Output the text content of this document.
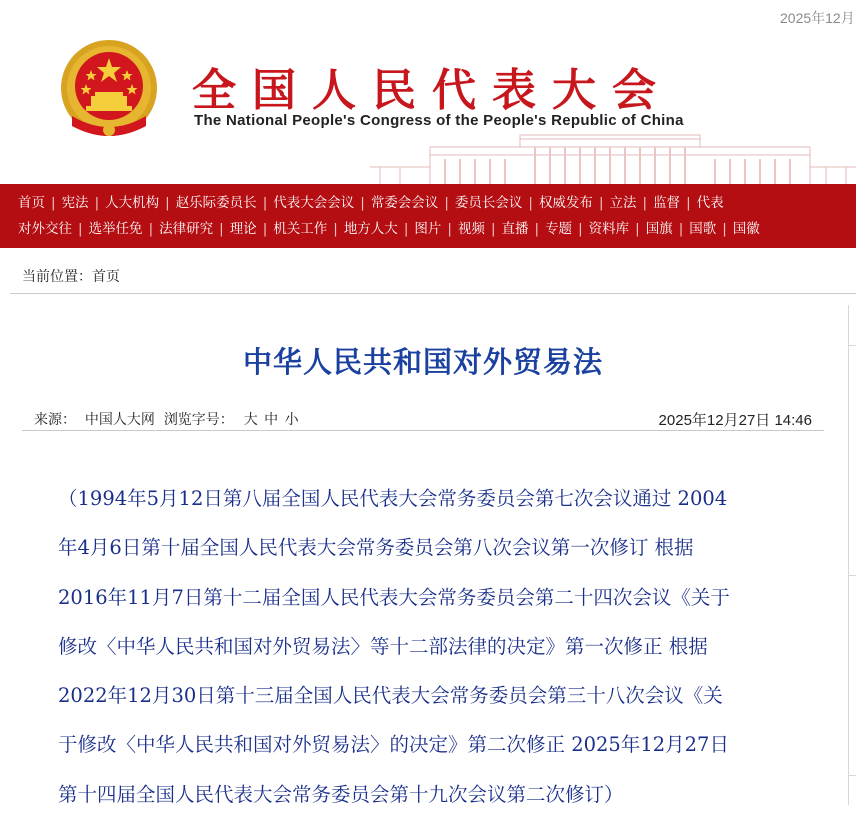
2025年12月
全国人民代表大会
The National People's Congress of the People's Republic of China
首页 | 宪法 | 人大机构 | 赵乐际委员长 | 代表大会会议 | 常委会会议 | 委员长会议 | 权威发布 | 立法 | 监督 | 代表
对外交往 | 选举任免 | 法律研究 | 理论 | 机关工作 | 地方人大 | 图片 | 视频 | 直播 | 专题 | 资料库 | 国旗 | 国歌 | 国徽
当前位置：首页
中华人民共和国对外贸易法
来源： 中国人大网 浏览字号： 大 中 小	2025年12月27日 14:46
（1994年5月12日第八届全国人民代表大会常务委员会第七次会议通过 2004
年4月6日第十届全国人民代表大会常务委员会第八次会议第一次修订 根据
2016年11月7日第十二届全国人民代表大会常务委员会第二十四次会议《关于
修改〈中华人民共和国对外贸易法〉等十二部法律的决定》第一次修正 根据
2022年12月30日第十三届全国人民代表大会常务委员会第三十八次会议《关
于修改〈中华人民共和国对外贸易法〉的决定》第二次修正 2025年12月27日
第十四届全国人民代表大会常务委员会第十九次会议第二次修订）
